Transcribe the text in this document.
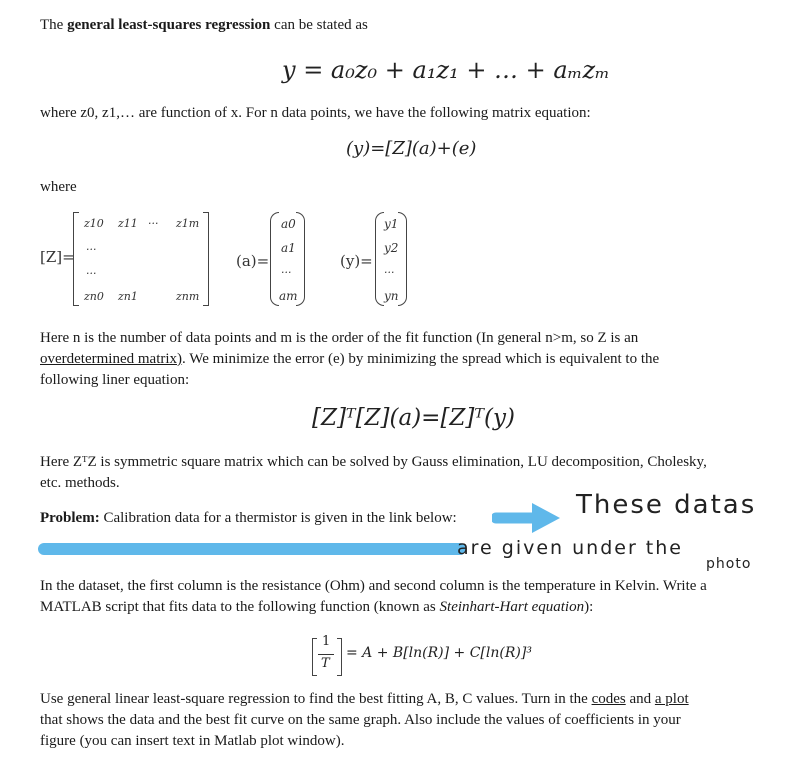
The general least-squares regression can be stated as
y = a₀z₀ + a₁z₁ + … + aₘzₘ
where z0, z1,… are function of x. For n data points, we have the following matrix equation:
(y)=[Z](a)+(e)
where
[Z]=
z10 z11 ··· z1m
···
···
zn0 zn1	znm
(a)=
a0
a1
···
am
(y)=
y1
y2
···
yn
Here n is the number of data points and m is the order of the fit function (In general n>m, so Z is an
overdetermined matrix). We minimize the error (e) by minimizing the spread which is equivalent to the
following liner equation:
[Z]ᵀ[Z](a)=[Z]ᵀ(y)
Here ZᵀZ is symmetric square matrix which can be solved by Gauss elimination, LU decomposition, Cholesky,
etc. methods.
Problem: Calibration data for a thermistor is given in the link below:	These datas
are given under the
photo
In the dataset, the first column is the resistance (Ohm) and second column is the temperature in Kelvin. Write a
MATLAB script that fits data to the following function (known as Steinhart-Hart equation):
1
T
= A + B[ln(R)] + C[ln(R)]³
Use general linear least-square regression to find the best fitting A, B, C values. Turn in the codes and a plot
that shows the data and the best fit curve on the same graph. Also include the values of coefficients in your
figure (you can insert text in Matlab plot window).
